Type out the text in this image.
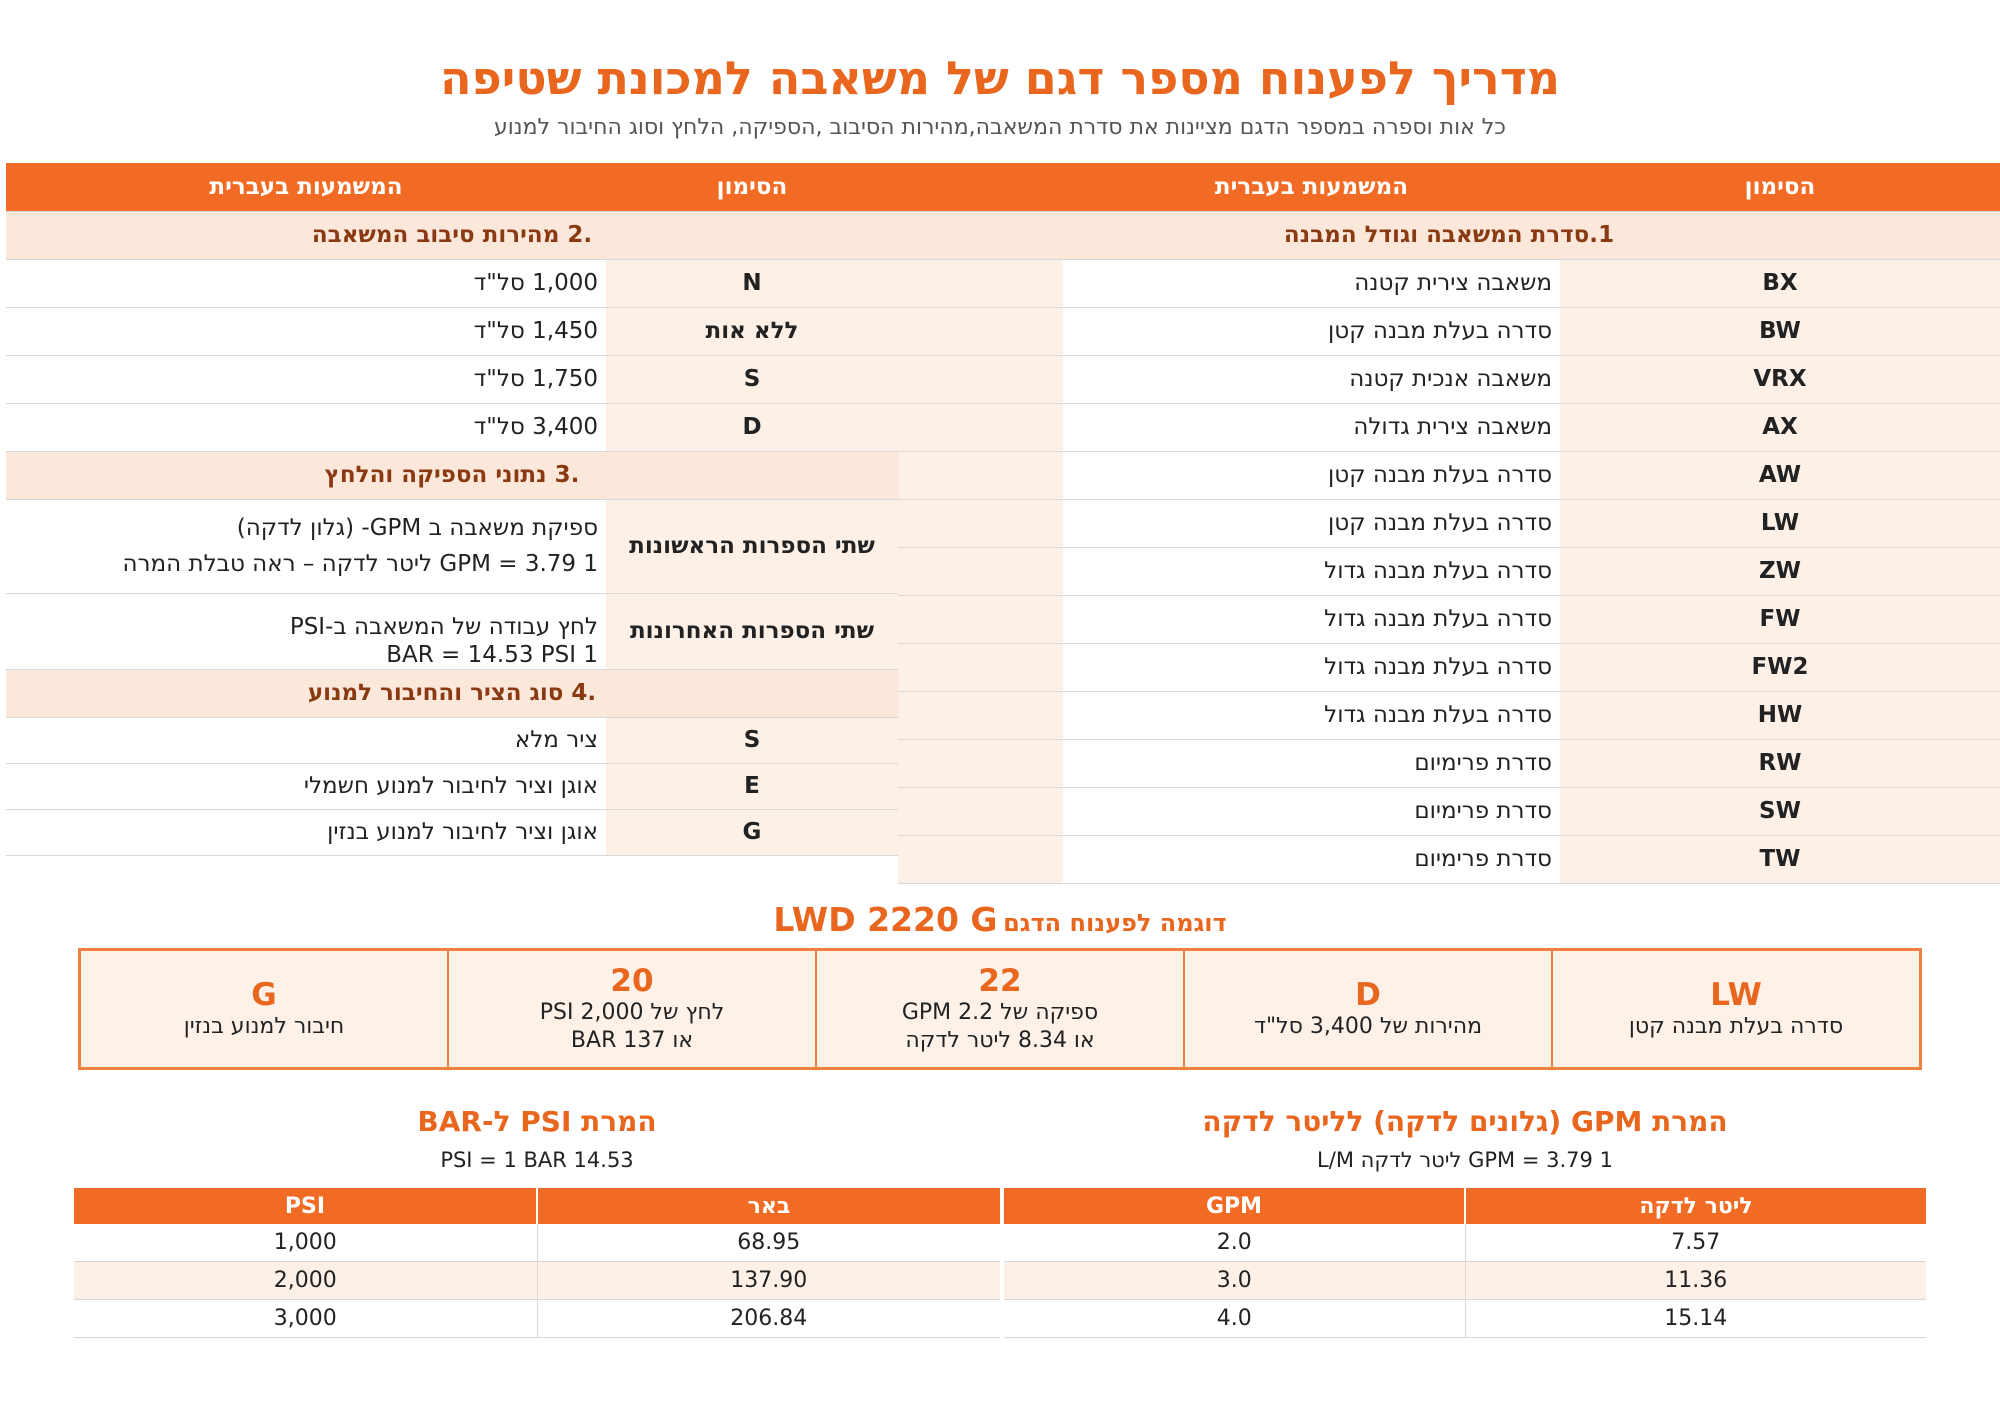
מדריך לפענוח מספר דגם של משאבה למכונת שטיפה
כל אות וספרה במספר הדגם מציינות את סדרת המשאבה,מהירות הסיבוב ,הספיקה, הלחץ וסוג החיבור למנוע
הסימון	המשמעות בעברית	
1.סדרת המשאבה וגודל המבנה		
BX	משאבה צירית קטנה	
BW	סדרה בעלת מבנה קטן	
VRX	משאבה אנכית קטנה	
AX	משאבה צירית גדולה	
AW	סדרה בעלת מבנה קטן	
LW	סדרה בעלת מבנה קטן	
ZW	סדרה בעלת מבנה גדול	
FW	סדרה בעלת מבנה גדול	
FW2	סדרה בעלת מבנה גדול	
HW	סדרה בעלת מבנה גדול	
RW	סדרת פרימיום	
SW	סדרת פרימיום	
TW	סדרת פרימיום	
הסימון	המשמעות בעברית
.2 מהירות סיבוב המשאבה	
N	1,000 סל"ד
ללא אות	1,450 סל"ד
S	1,750 סל"ד
D	3,400 סל"ד
.3 נתוני הספיקה והלחץ	
שתי הספרות הראשונות	ספיקת משאבה ב GPM- (גלון לדקה)
1 GPM = 3.79 ליטר לדקה – ראה טבלת המרה

שתי הספרות האחרונות	לחץ עבודה של המשאבה ב-PSI
1 BAR = 14.53 PSI

.4 סוג הציר והחיבור למנוע	
S	ציר מלא
E	אוגן וציר לחיבור למנוע חשמלי
G	אוגן וציר לחיבור למנוע בנזין
דוגמה לפענוח הדגם LWD 2220 G
LW
סדרה בעלת מבנה קטן
D
מהירות של 3,400 סל"ד
22
ספיקה של 2.2 GPM
או 8.34 ליטר לדקה
20
לחץ של 2,000 PSI
או 137 BAR
G
חיבור למנוע בנזין
המרת GPM (גלונים לדקה) לליטר לדקה
1 GPM = 3.79 ליטר לדקה L/M
ליטר לדקה	GPM
7.57	2.0
11.36	3.0
15.14	4.0
המרת PSI ל-BAR
14.53 PSI = 1 BAR
באר	PSI
68.95	1,000
137.90	2,000
206.84	3,000
